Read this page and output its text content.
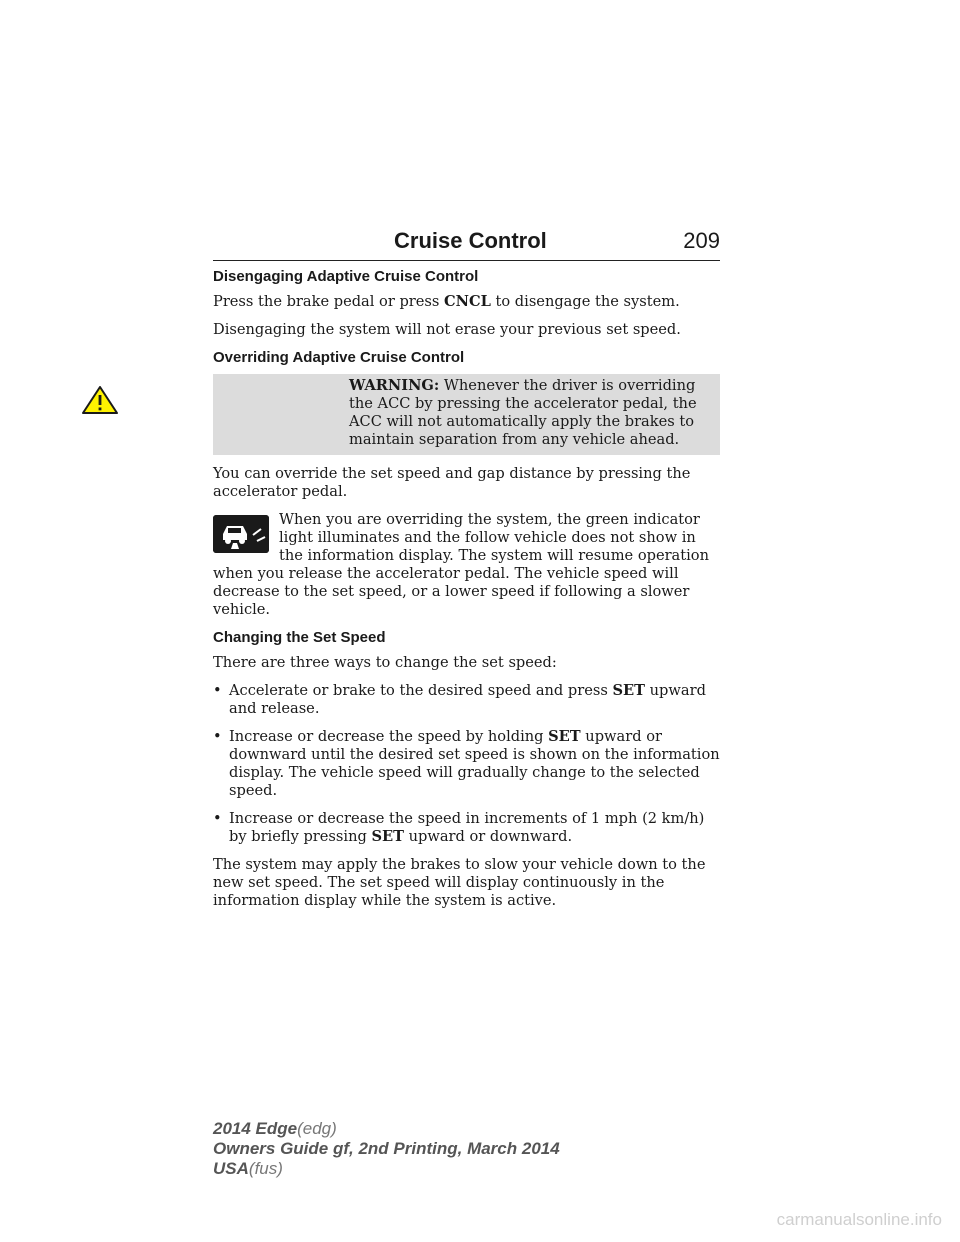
Cruise Control	209
Disengaging Adaptive Cruise Control

Press the brake pedal or press CNCL to disengage the system.

Disengaging the system will not erase your previous set speed.

Overriding Adaptive Cruise Control
WARNING: Whenever the driver is overriding the ACC by pressing the accelerator pedal, the ACC will not automatically apply the brakes to maintain separation from any vehicle ahead.

You can override the set speed and gap distance by pressing the accelerator pedal.

When you are overriding the system, the green indicator light illuminates and the follow vehicle does not show in the information display. The system will resume operation when you release the accelerator pedal. The vehicle speed will decrease to the set speed, or a lower speed if following a slower vehicle.
Changing the Set Speed

There are three ways to change the set speed:

• Accelerate or brake to the desired speed and press SET upward and release.
• Increase or decrease the speed by holding SET upward or downward until the desired set speed is shown on the information display. The vehicle speed will gradually change to the selected speed.
• Increase or decrease the speed in increments of 1 mph (2 km/h) by briefly pressing SET upward or downward.

The system may apply the brakes to slow your vehicle down to the new set speed. The set speed will display continuously in the information display while the system is active.

2014 Edge(edg)
Owners Guide gf, 2nd Printing, March 2014
USA(fus)
carmanualsonline.info
